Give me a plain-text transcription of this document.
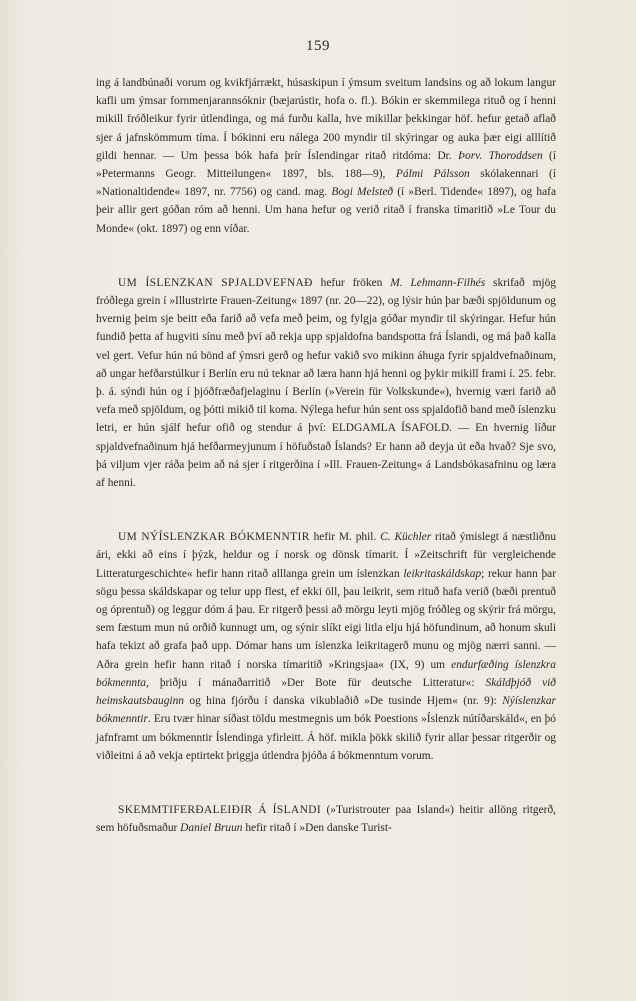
159

ing á landbúnaði vorum og kvikfjárrækt, húsaskipun í ýmsum sveitum landsins og að lokum langur kafli um ýmsar fornmenjarannsóknir (bæjarústir, hofa o. fl.). Bókin er skemmilega rituð og í henni mikill fróðleikur fyrir útlendinga, og má furðu kalla, hve mikillar þekkingar höf. hefur getað aflað sjer á jafnskömmum tíma. Í bókinni eru nálega 200 myndir til skýringar og auka þær eigi alllítið gildi hennar. — Um þessa bók hafa þrír Íslendingar ritað ritdóma: Dr. Þorv. Thoroddsen (í »Petermanns Geogr. Mitteilungen« 1897, bls. 188—9), Pálmi Pálsson skólakennari (í »Nationaltidende« 1897, nr. 7756) og cand. mag. Bogi Melsteð (í »Berl. Tidende« 1897), og hafa þeir allir gert góðan róm að henni. Um hana hefur og verið ritað í franska tímaritið »Le Tour du Monde« (okt. 1897) og enn víðar.

UM ÍSLENZKAN SPJALDVEFNAÐ hefur fröken M. Lehmann-Filhés skrifað mjög fróðlega grein í »Illustrirte Frauen-Zeitung« 1897 (nr. 20—22), og lýsir hún þar bæði spjöldunum og hvernig þeim sje beitt eða farið að vefa með þeim, og fylgja góðar myndir til skýringar. Hefur hún fundið þetta af hugviti sínu með því að rekja upp spjaldofna bandspotta frá Íslandi, og má það kalla vel gert. Vefur hún nú bönd af ýmsri gerð og hefur vakið svo mikinn áhuga fyrir spjaldvefnaðinum, að ungar hefðarstúlkur í Berlín eru nú teknar að læra hann hjá henni og þykir mikill frami í. 25. febr. þ. á. sýndi hún og í þjóðfræðafjelaginu í Berlín (»Verein für Volkskunde«), hvernig væri farið að vefa með spjöldum, og þótti mikið til koma. Nýlega hefur hún sent oss spjaldofið band með íslenzku letri, er hún sjálf hefur ofið og stendur á því: ELDGAMLA ÍSAFOLD. — En hvernig líður spjaldvefnaðinum hjá hefðarmeyjunum í höfuðstað Íslands? Er hann að deyja út eða hvað? Sje svo, þá viljum vjer ráða þeim að ná sjer í ritgerðina í »Ill. Frauen-Zeitung« á Landsbókasafninu og læra af henni.

UM NÝÍSLENZKAR BÓKMENNTIR hefir M. phil. C. Küchler ritað ýmislegt á næstliðnu ári, ekki að eins í þýzk, heldur og í norsk og dönsk tímarit. Í »Zeitschrift für vergleichende Litteraturgeschichte« hefir hann ritað alllanga grein um íslenzkan leikritaskáldskap; rekur hann þar sögu þessa skáldskapar og telur upp flest, ef ekki öll, þau leikrit, sem rituð hafa verið (bæði prentuð og óprentuð) og leggur dóm á þau. Er ritgerð þessi að mörgu leyti mjög fróðleg og skýrir frá mörgu, sem fæstum mun nú orðið kunnugt um, og sýnir slíkt eigi litla elju hjá höfundinum, að honum skuli hafa tekizt að grafa það upp. Dómar hans um íslenzka leikritagerð munu og mjög nærri sanni. — Aðra grein hefir hann ritað í norska tímaritið »Kringsjaa« (IX, 9) um endurfæðing íslenzkra bókmennta, þriðju í mánaðarritið »Der Bote für deutsche Litteratur«: Skáldþjóð við heimskautsbauginn og hina fjórðu í danska vikublaðið »De tusinde Hjem« (nr. 9): Nýíslenzkar bókmenntir. Eru tvær hinar síðast töldu mestmegnis um bók Poestions »Íslenzk nútíðarskáld«, en þó jafnframt um bókmenntir Íslendinga yfirleitt. Á höf. mikla þökk skilið fyrir allar þessar ritgerðir og viðleitni á að vekja eptirtekt þriggja útlendra þjóða á bókmenntum vorum.

SKEMMTIFERÐALEIÐIR Á ÍSLANDI (»Turistrouter paa Island«) heitir allöng ritgerð, sem höfuðsmaður Daniel Bruun hefir ritað í »Den danske Turist-
